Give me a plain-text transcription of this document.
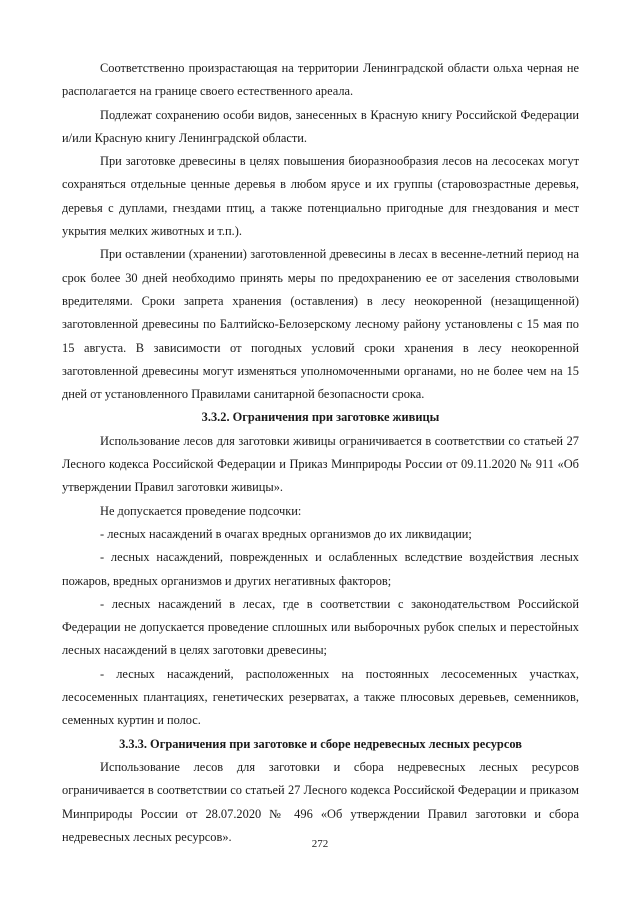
Соответственно произрастающая на территории Ленинградской области ольха черная не располагается на границе своего естественного ареала.

Подлежат сохранению особи видов, занесенных в Красную книгу Российской Федерации и/или Красную книгу Ленинградской области.

При заготовке древесины в целях повышения биоразнообразия лесов на лесосеках могут сохраняться отдельные ценные деревья в любом ярусе и их группы (старовозрастные деревья, деревья с дуплами, гнездами птиц, а также потенциально пригодные для гнездования и мест укрытия мелких животных и т.п.).

При оставлении (хранении) заготовленной древесины в лесах в весенне-летний период на срок более 30 дней необходимо принять меры по предохранению ее от заселения стволовыми вредителями. Сроки запрета хранения (оставления) в лесу неокоренной (незащищенной) заготовленной древесины по Балтийско-Белозерскому лесному району установлены с 15 мая по 15 августа. В зависимости от погодных условий сроки хранения в лесу неокоренной заготовленной древесины могут изменяться уполномоченными органами, но не более чем на 15 дней от установленного Правилами санитарной безопасности срока.

3.3.2. Ограничения при заготовке живицы

Использование лесов для заготовки живицы ограничивается в соответствии со статьей 27 Лесного кодекса Российской Федерации и Приказ Минприроды России от 09.11.2020 № 911 «Об утверждении Правил заготовки живицы».

Не допускается проведение подсочки:

- лесных насаждений в очагах вредных организмов до их ликвидации;

- лесных насаждений, поврежденных и ослабленных вследствие воздействия лесных пожаров, вредных организмов и других негативных факторов;

- лесных насаждений в лесах, где в соответствии с законодательством Российской Федерации не допускается проведение сплошных или выборочных рубок спелых и перестойных лесных насаждений в целях заготовки древесины;

- лесных насаждений, расположенных на постоянных лесосеменных участках, лесосеменных плантациях, генетических резерватах, а также плюсовых деревьев, семенников, семенных куртин и полос.

3.3.3. Ограничения при заготовке и сборе недревесных лесных ресурсов

Использование лесов для заготовки и сбора недревесных лесных ресурсов ограничивается в соответствии со статьей 27 Лесного кодекса Российской Федерации и приказом Минприроды России от 28.07.2020 № 496 «Об утверждении Правил заготовки и сбора недревесных лесных ресурсов».

272
